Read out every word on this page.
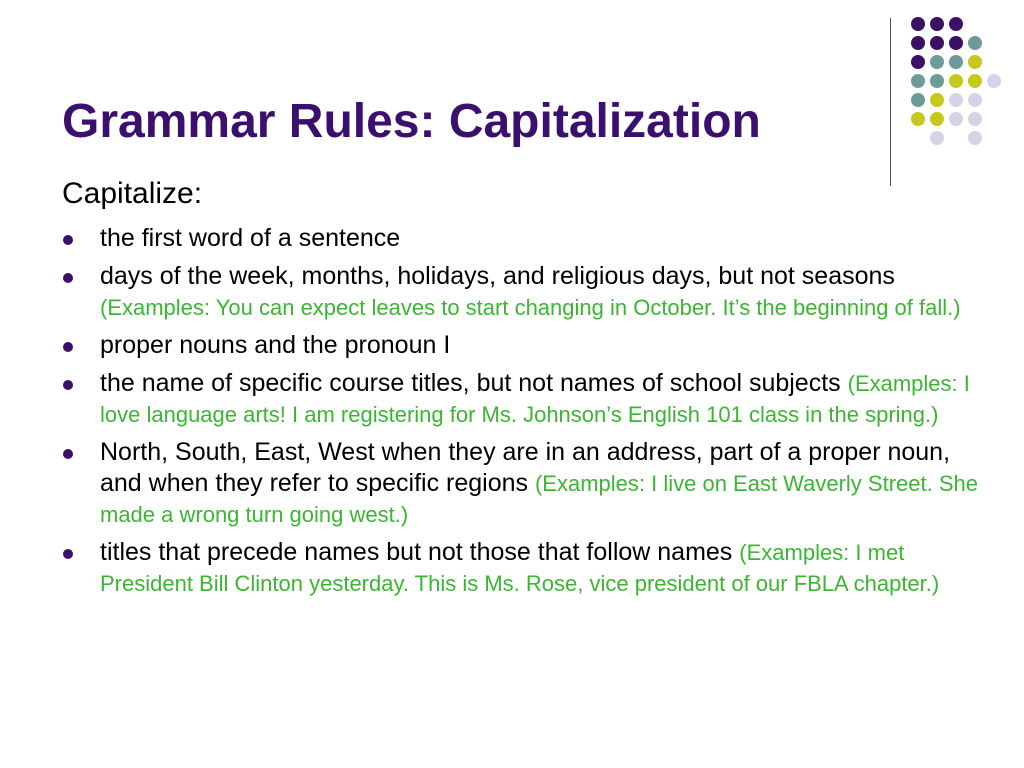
Grammar Rules: Capitalization

Capitalize:

the first word of a sentence
days of the week, months, holidays, and religious days, but not seasons (Examples: You can expect leaves to start changing in October. It’s the beginning of fall.)
proper nouns and the pronoun I
the name of specific course titles, but not names of school subjects (Examples: I love language arts! I am registering for Ms. Johnson’s English 101 class in the spring.)
North, South, East, West when they are in an address, part of a proper noun, and when they refer to specific regions (Examples: I live on East Waverly Street. She made a wrong turn going west.)
titles that precede names but not those that follow names (Examples: I met President Bill Clinton yesterday. This is Ms. Rose, vice president of our FBLA chapter.)
